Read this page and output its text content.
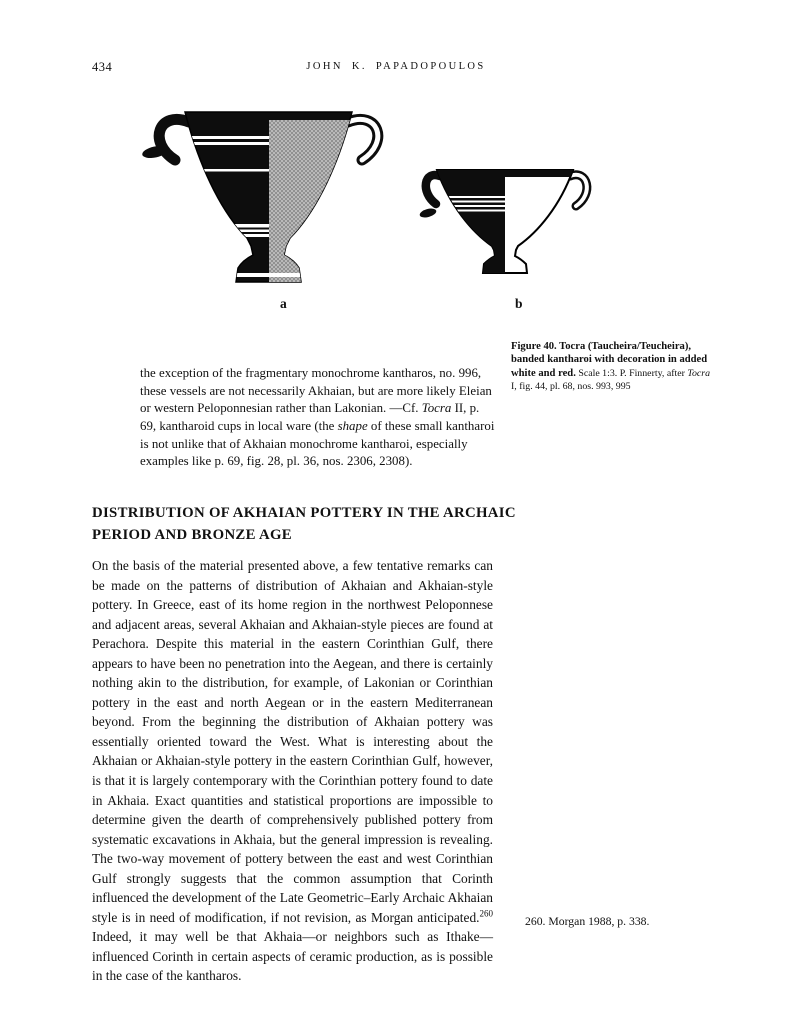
434	JOHN K. PAPADOPOULOS
a	b

Figure 40. Tocra (Taucheira/Teucheira), banded kantharoi with decoration in added white and red. Scale 1:3. P. Finnerty, after Tocra I, fig. 44, pl. 68, nos. 993, 995

the exception of the fragmentary monochrome kantharos, no. 996, these vessels are not necessarily Akhaian, but are more likely Eleian or western Peloponnesian rather than Lakonian. —Cf. Tocra II, p. 69, kantharoid cups in local ware (the shape of these small kantharoi is not unlike that of Akhaian monochrome kantharoi, especially examples like p. 69, fig. 28, pl. 36, nos. 2306, 2308).

DISTRIBUTION OF AKHAIAN POTTERY IN THE ARCHAIC PERIOD AND BRONZE AGE

On the basis of the material presented above, a few tentative remarks can be made on the patterns of distribution of Akhaian and Akhaian-style pottery. In Greece, east of its home region in the northwest Peloponnese and adjacent areas, several Akhaian and Akhaian-style pieces are found at Perachora. Despite this material in the eastern Corinthian Gulf, there appears to have been no penetration into the Aegean, and there is certainly nothing akin to the distribution, for example, of Lakonian or Corinthian pottery in the east and north Aegean or in the eastern Mediterranean beyond. From the beginning the distribution of Akhaian pottery was essentially oriented toward the West. What is interesting about the Akhaian or Akhaian-style pottery in the eastern Corinthian Gulf, however, is that it is largely contemporary with the Corinthian pottery found to date in Akhaia. Exact quantities and statistical proportions are impossible to determine given the dearth of comprehensively published pottery from systematic excavations in Akhaia, but the general impression is revealing. The two-way movement of pottery between the east and west Corinthian Gulf strongly suggests that the common assumption that Corinth influenced the development of the Late Geometric–Early Archaic Akhaian style is in need of modification, if not revision, as Morgan anticipated.$^{260}$ Indeed, it may well be that Akhaia—or neighbors such as Ithake—influenced Corinth in certain aspects of ceramic production, as is possible in the case of the kantharos.

260. Morgan 1988, p. 338.
